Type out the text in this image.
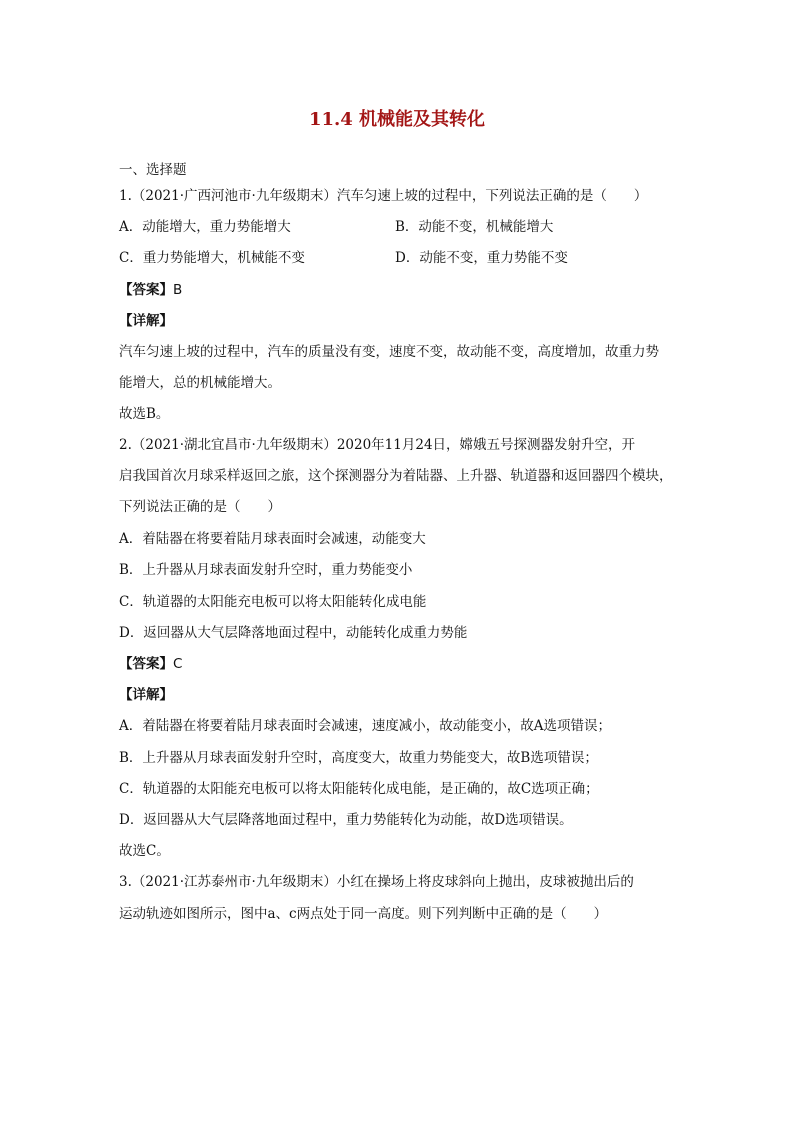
11.4 机械能及其转化
一、选择题
1.（2021·广西河池市·九年级期末）汽车匀速上坡的过程中，下列说法正确的是（　　）
A．动能增大，重力势能增大	B．动能不变，机械能增大
C．重力势能增大，机械能不变	D．动能不变，重力势能不变
【答案】B
【详解】
汽车匀速上坡的过程中，汽车的质量没有变，速度不变，故动能不变，高度增加，故重力势
能增大，总的机械能增大。
故选B。
2.（2021·湖北宜昌市·九年级期末）2020年11月24日，嫦娥五号探测器发射升空，开
启我国首次月球采样返回之旅，这个探测器分为着陆器、上升器、轨道器和返回器四个模块，
下列说法正确的是（　　）
A．着陆器在将要着陆月球表面时会减速，动能变大
B．上升器从月球表面发射升空时，重力势能变小
C．轨道器的太阳能充电板可以将太阳能转化成电能
D．返回器从大气层降落地面过程中，动能转化成重力势能
【答案】C
【详解】
A．着陆器在将要着陆月球表面时会减速，速度减小，故动能变小，故A选项错误；
B．上升器从月球表面发射升空时，高度变大，故重力势能变大，故B选项错误；
C．轨道器的太阳能充电板可以将太阳能转化成电能，是正确的，故C选项正确；
D．返回器从大气层降落地面过程中，重力势能转化为动能，故D选项错误。
故选C。
3.（2021·江苏泰州市·九年级期末）小红在操场上将皮球斜向上抛出，皮球被抛出后的
运动轨迹如图所示，图中a、c两点处于同一高度。则下列判断中正确的是（　　）
